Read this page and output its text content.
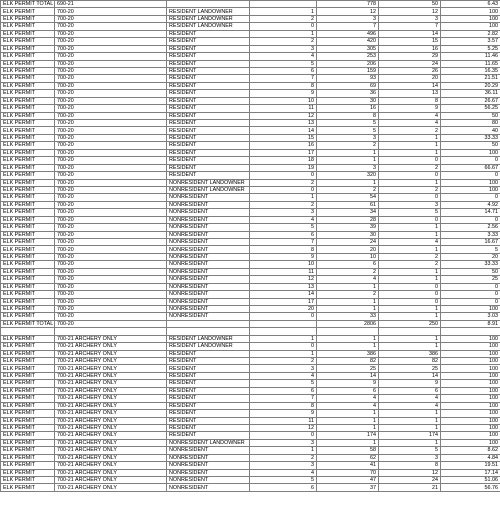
ELK PERMIT TOTAL	690-21			778	50	6.43
ELK PERMIT	700-20	RESIDENT LANDOWNER	1	12	12	100
ELK PERMIT	700-20	RESIDENT LANDOWNER	2	3	3	100
ELK PERMIT	700-20	RESIDENT LANDOWNER	0	7	7	100
ELK PERMIT	700-20	RESIDENT	1	496	14	2.82
ELK PERMIT	700-20	RESIDENT	2	420	15	3.57
ELK PERMIT	700-20	RESIDENT	3	305	16	5.25
ELK PERMIT	700-20	RESIDENT	4	253	29	11.46
ELK PERMIT	700-20	RESIDENT	5	206	24	11.65
ELK PERMIT	700-20	RESIDENT	6	159	26	16.35
ELK PERMIT	700-20	RESIDENT	7	93	20	21.51
ELK PERMIT	700-20	RESIDENT	8	69	14	20.29
ELK PERMIT	700-20	RESIDENT	9	36	13	36.11
ELK PERMIT	700-20	RESIDENT	10	30	8	26.67
ELK PERMIT	700-20	RESIDENT	11	16	9	56.25
ELK PERMIT	700-20	RESIDENT	12	8	4	50
ELK PERMIT	700-20	RESIDENT	13	5	4	80
ELK PERMIT	700-20	RESIDENT	14	5	2	40
ELK PERMIT	700-20	RESIDENT	15	3	1	33.33
ELK PERMIT	700-20	RESIDENT	16	2	1	50
ELK PERMIT	700-20	RESIDENT	17	1	1	100
ELK PERMIT	700-20	RESIDENT	18	1	0	0
ELK PERMIT	700-20	RESIDENT	19	3	2	66.67
ELK PERMIT	700-20	RESIDENT	0	320	0	0
ELK PERMIT	700-20	NONRESIDENT LANDOWNER	2	1	1	100
ELK PERMIT	700-20	NONRESIDENT LANDOWNER	0	2	2	100
ELK PERMIT	700-20	NONRESIDENT	1	54	0	0
ELK PERMIT	700-20	NONRESIDENT	2	61	3	4.92
ELK PERMIT	700-20	NONRESIDENT	3	34	5	14.71
ELK PERMIT	700-20	NONRESIDENT	4	28	0	0
ELK PERMIT	700-20	NONRESIDENT	5	39	1	2.56
ELK PERMIT	700-20	NONRESIDENT	6	30	1	3.33
ELK PERMIT	700-20	NONRESIDENT	7	24	4	16.67
ELK PERMIT	700-20	NONRESIDENT	8	20	1	5
ELK PERMIT	700-20	NONRESIDENT	9	10	2	20
ELK PERMIT	700-20	NONRESIDENT	10	6	2	33.33
ELK PERMIT	700-20	NONRESIDENT	11	2	1	50
ELK PERMIT	700-20	NONRESIDENT	12	4	1	25
ELK PERMIT	700-20	NONRESIDENT	13	1	0	0
ELK PERMIT	700-20	NONRESIDENT	14	2	0	0
ELK PERMIT	700-20	NONRESIDENT	17	1	0	0
ELK PERMIT	700-20	NONRESIDENT	20	1	1	100
ELK PERMIT	700-20	NONRESIDENT	0	33	1	3.03
ELK PERMIT TOTAL	700-20			2806	250	8.91

ELK PERMIT	700-21 ARCHERY ONLY	RESIDENT LANDOWNER	1	1	1	100
ELK PERMIT	700-21 ARCHERY ONLY	RESIDENT LANDOWNER	0	1	1	100
ELK PERMIT	700-21 ARCHERY ONLY	RESIDENT	1	386	386	100
ELK PERMIT	700-21 ARCHERY ONLY	RESIDENT	2	82	82	100
ELK PERMIT	700-21 ARCHERY ONLY	RESIDENT	3	25	25	100
ELK PERMIT	700-21 ARCHERY ONLY	RESIDENT	4	14	14	100
ELK PERMIT	700-21 ARCHERY ONLY	RESIDENT	5	9	9	100
ELK PERMIT	700-21 ARCHERY ONLY	RESIDENT	6	6	6	100
ELK PERMIT	700-21 ARCHERY ONLY	RESIDENT	7	4	4	100
ELK PERMIT	700-21 ARCHERY ONLY	RESIDENT	8	4	4	100
ELK PERMIT	700-21 ARCHERY ONLY	RESIDENT	9	1	1	100
ELK PERMIT	700-21 ARCHERY ONLY	RESIDENT	11	1	1	100
ELK PERMIT	700-21 ARCHERY ONLY	RESIDENT	12	1	1	100
ELK PERMIT	700-21 ARCHERY ONLY	RESIDENT	0	174	174	100
ELK PERMIT	700-21 ARCHERY ONLY	NONRESIDENT LANDOWNER	3	1	1	100
ELK PERMIT	700-21 ARCHERY ONLY	NONRESIDENT	1	58	5	8.62
ELK PERMIT	700-21 ARCHERY ONLY	NONRESIDENT	2	62	3	4.84
ELK PERMIT	700-21 ARCHERY ONLY	NONRESIDENT	3	41	8	19.51
ELK PERMIT	700-21 ARCHERY ONLY	NONRESIDENT	4	70	12	17.14
ELK PERMIT	700-21 ARCHERY ONLY	NONRESIDENT	5	47	24	51.06
ELK PERMIT	700-21 ARCHERY ONLY	NONRESIDENT	6	37	21	56.76
